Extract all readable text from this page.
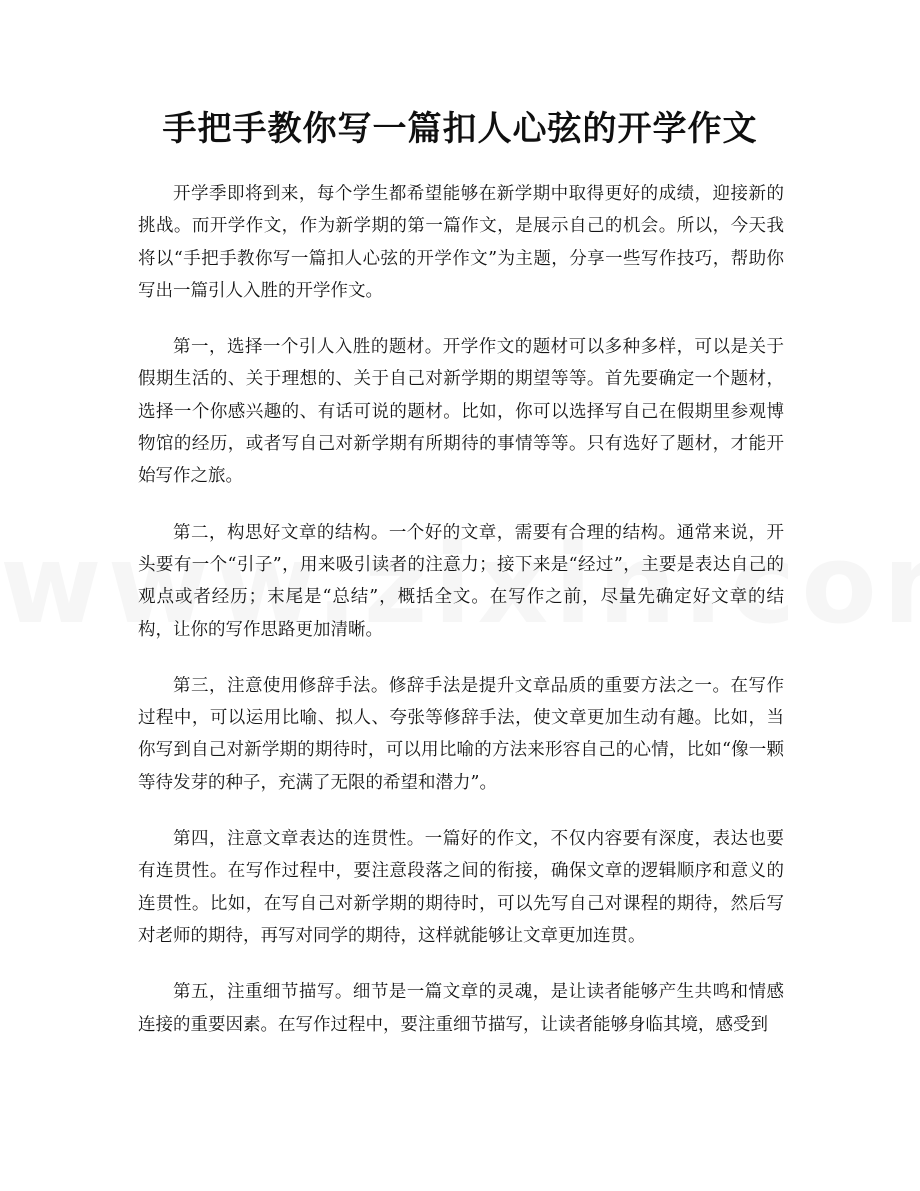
手把手教你写一篇扣人心弦的开学作文

开学季即将到来，每个学生都希望能够在新学期中取得更好的成绩，迎接新的挑战。而开学作文，作为新学期的第一篇作文，是展示自己的机会。所以，今天我将以“手把手教你写一篇扣人心弦的开学作文”为主题，分享一些写作技巧，帮助你写出一篇引人入胜的开学作文。

第一，选择一个引人入胜的题材。开学作文的题材可以多种多样，可以是关于假期生活的、关于理想的、关于自己对新学期的期望等等。首先要确定一个题材，选择一个你感兴趣的、有话可说的题材。比如，你可以选择写自己在假期里参观博物馆的经历，或者写自己对新学期有所期待的事情等等。只有选好了题材，才能开始写作之旅。

第二，构思好文章的结构。一个好的文章，需要有合理的结构。通常来说，开头要有一个“引子”，用来吸引读者的注意力；接下来是“经过”，主要是表达自己的观点或者经历；末尾是“总结”，概括全文。在写作之前，尽量先确定好文章的结构，让你的写作思路更加清晰。

第三，注意使用修辞手法。修辞手法是提升文章品质的重要方法之一。在写作过程中，可以运用比喻、拟人、夸张等修辞手法，使文章更加生动有趣。比如，当你写到自己对新学期的期待时，可以用比喻的方法来形容自己的心情，比如“像一颗等待发芽的种子，充满了无限的希望和潜力”。

第四，注意文章表达的连贯性。一篇好的作文，不仅内容要有深度，表达也要有连贯性。在写作过程中，要注意段落之间的衔接，确保文章的逻辑顺序和意义的连贯性。比如，在写自己对新学期的期待时，可以先写自己对课程的期待，然后写对老师的期待，再写对同学的期待，这样就能够让文章更加连贯。

第五，注重细节描写。细节是一篇文章的灵魂，是让读者能够产生共鸣和情感连接的重要因素。在写作过程中，要注重细节描写，让读者能够身临其境，感受到
